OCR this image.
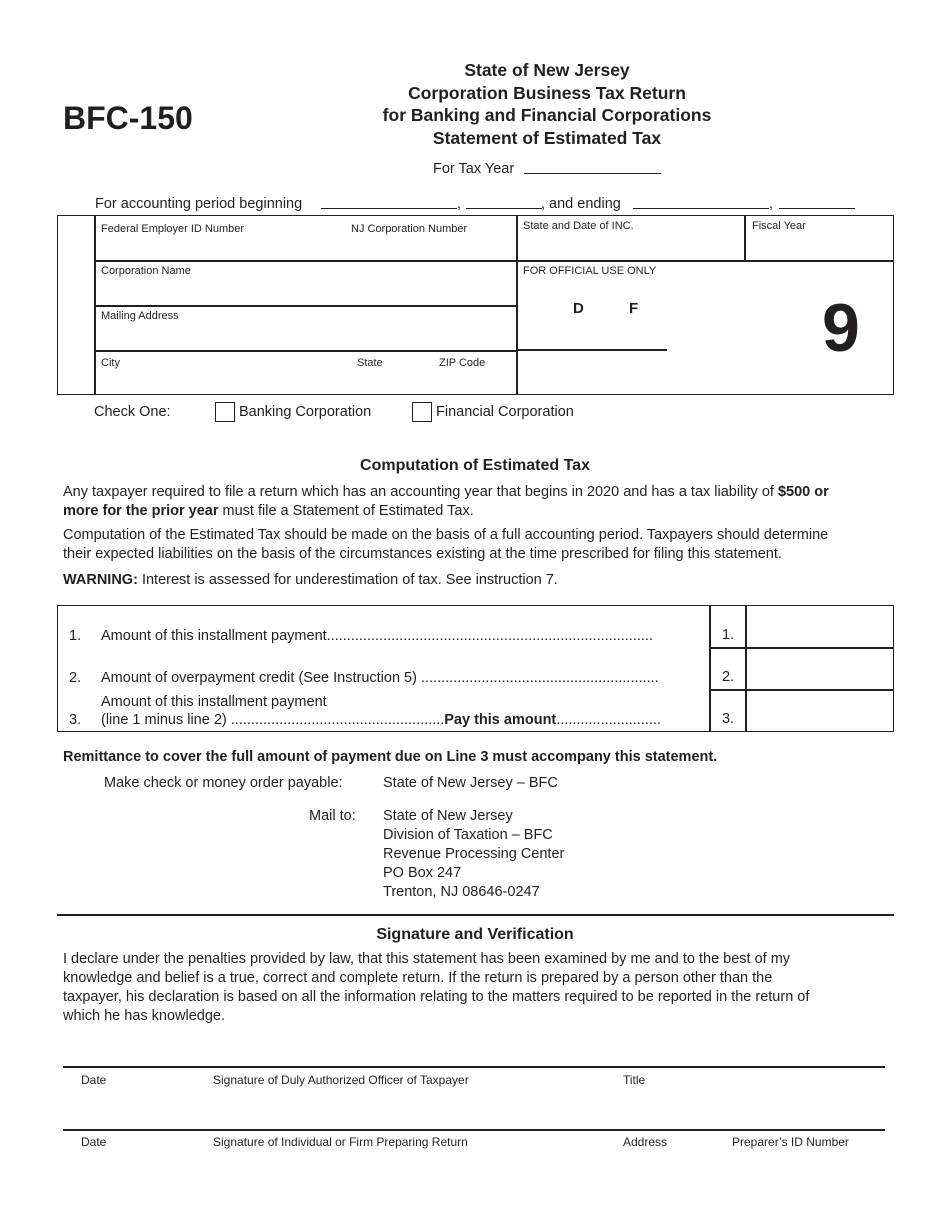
BFC-150
State of New Jersey
Corporation Business Tax Return
for Banking and Financial Corporations
Statement of Estimated Tax
For Tax Year
For accounting period beginning	,	, and ending	,
Federal Employer ID Number	NJ Corporation Number	State and Date of INC.	Fiscal Year
Corporation Name	FOR OFFICIAL USE ONLY
D	F	9
Mailing Address
City	State	ZIP Code
Check One:	Banking Corporation	Financial Corporation
Computation of Estimated Tax
Any taxpayer required to file a return which has an accounting year that begins in 2020 and has a tax liability of $500 or
more for the prior year must file a Statement of Estimated Tax.
Computation of the Estimated Tax should be made on the basis of a full accounting period. Taxpayers should determine
their expected liabilities on the basis of the circumstances existing at the time prescribed for filing this statement.
WARNING: Interest is assessed for underestimation of tax. See instruction 7.
1. Amount of this installment payment.................................................................................	1.
2. Amount of overpayment credit (See Instruction 5) ...........................................................	2.
3.
Amount of this installment payment
(line 1 minus line 2) .....................................................Pay this amount..........................	3.
Remittance to cover the full amount of payment due on Line 3 must accompany this statement.
Make check or money order payable:	State of New Jersey – BFC
Mail to: State of New Jersey
Division of Taxation – BFC
Revenue Processing Center
PO Box 247
Trenton, NJ 08646-0247
Signature and Verification
I declare under the penalties provided by law, that this statement has been examined by me and to the best of my
knowledge and belief is a true, correct and complete return. If the return is prepared by a person other than the
taxpayer, his declaration is based on all the information relating to the matters required to be reported in the return of
which he has knowledge.
Date	Signature of Duly Authorized Officer of Taxpayer	Title
Date	Signature of Individual or Firm Preparing Return	Address	Preparer’s ID Number
